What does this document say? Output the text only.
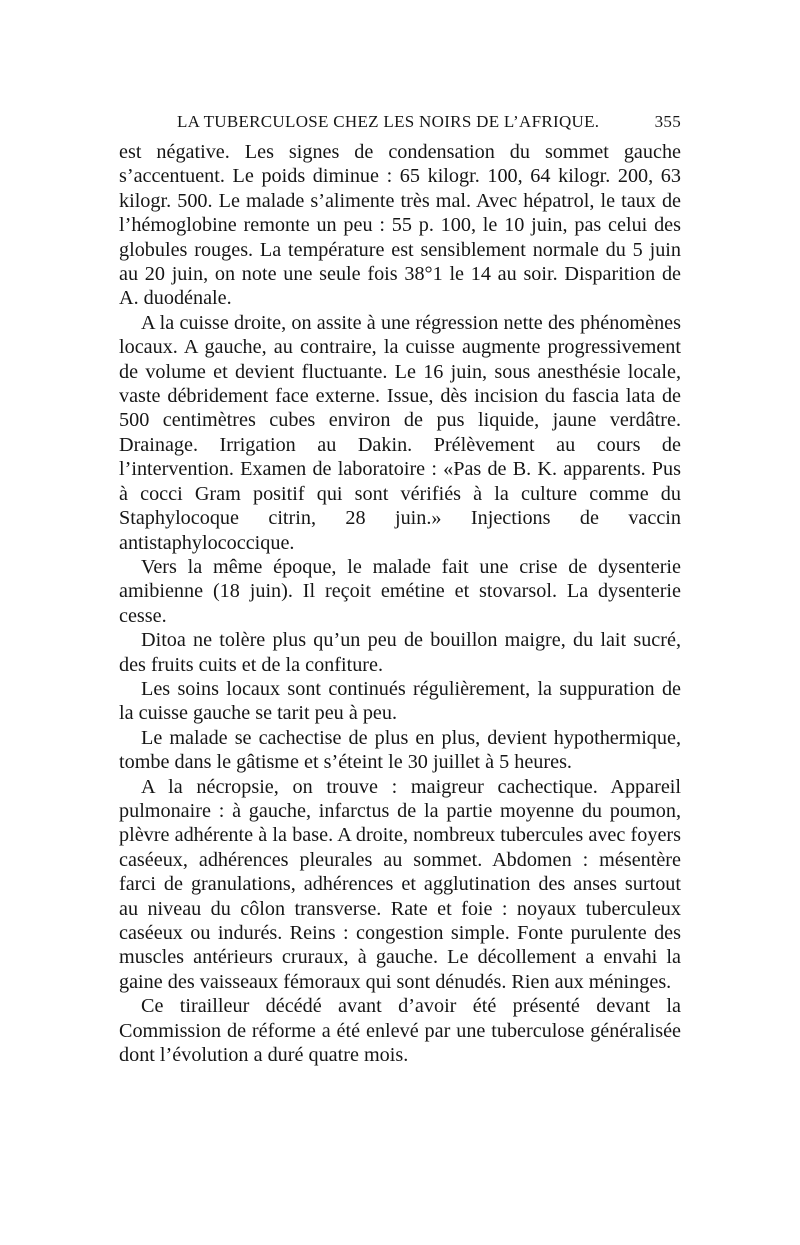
LA TUBERCULOSE CHEZ LES NOIRS DE L’AFRIQUE.	355

est négative. Les signes de condensation du sommet gauche s’accentuent. Le poids diminue : 65 kilogr. 100, 64 kilogr. 200, 63 kilogr. 500. Le malade s’alimente très mal. Avec hépatrol, le taux de l’hémoglobine remonte un peu : 55 p. 100, le 10 juin, pas celui des globules rouges. La température est sensiblement normale du 5 juin au 20 juin, on note une seule fois 38°1 le 14 au soir. Disparition de A. duodénale.

A la cuisse droite, on assite à une régression nette des phénomènes locaux. A gauche, au contraire, la cuisse augmente progressivement de volume et devient fluctuante. Le 16 juin, sous anesthésie locale, vaste débridement face externe. Issue, dès incision du fascia lata de 500 centimètres cubes environ de pus liquide, jaune verdâtre. Drainage. Irrigation au Dakin. Prélèvement au cours de l’intervention. Examen de laboratoire : «Pas de B. K. apparents. Pus à cocci Gram positif qui sont vérifiés à la culture comme du Staphylocoque citrin, 28 juin.» Injections de vaccin antistaphylococcique.

Vers la même époque, le malade fait une crise de dysenterie amibienne (18 juin). Il reçoit emétine et stovarsol. La dysenterie cesse.

Ditoa ne tolère plus qu’un peu de bouillon maigre, du lait sucré, des fruits cuits et de la confiture.

Les soins locaux sont continués régulièrement, la suppuration de la cuisse gauche se tarit peu à peu.

Le malade se cachectise de plus en plus, devient hypothermique, tombe dans le gâtisme et s’éteint le 30 juillet à 5 heures.

A la nécropsie, on trouve : maigreur cachectique. Appareil pulmonaire : à gauche, infarctus de la partie moyenne du poumon, plèvre adhérente à la base. A droite, nombreux tubercules avec foyers caséeux, adhérences pleurales au sommet. Abdomen : mésentère farci de granulations, adhérences et agglutination des anses surtout au niveau du côlon transverse. Rate et foie : noyaux tuberculeux caséeux ou indurés. Reins : congestion simple. Fonte purulente des muscles antérieurs cruraux, à gauche. Le décollement a envahi la gaine des vaisseaux fémoraux qui sont dénudés. Rien aux méninges.

Ce tirailleur décédé avant d’avoir été présenté devant la Commission de réforme a été enlevé par une tuberculose généralisée dont l’évolution a duré quatre mois.
